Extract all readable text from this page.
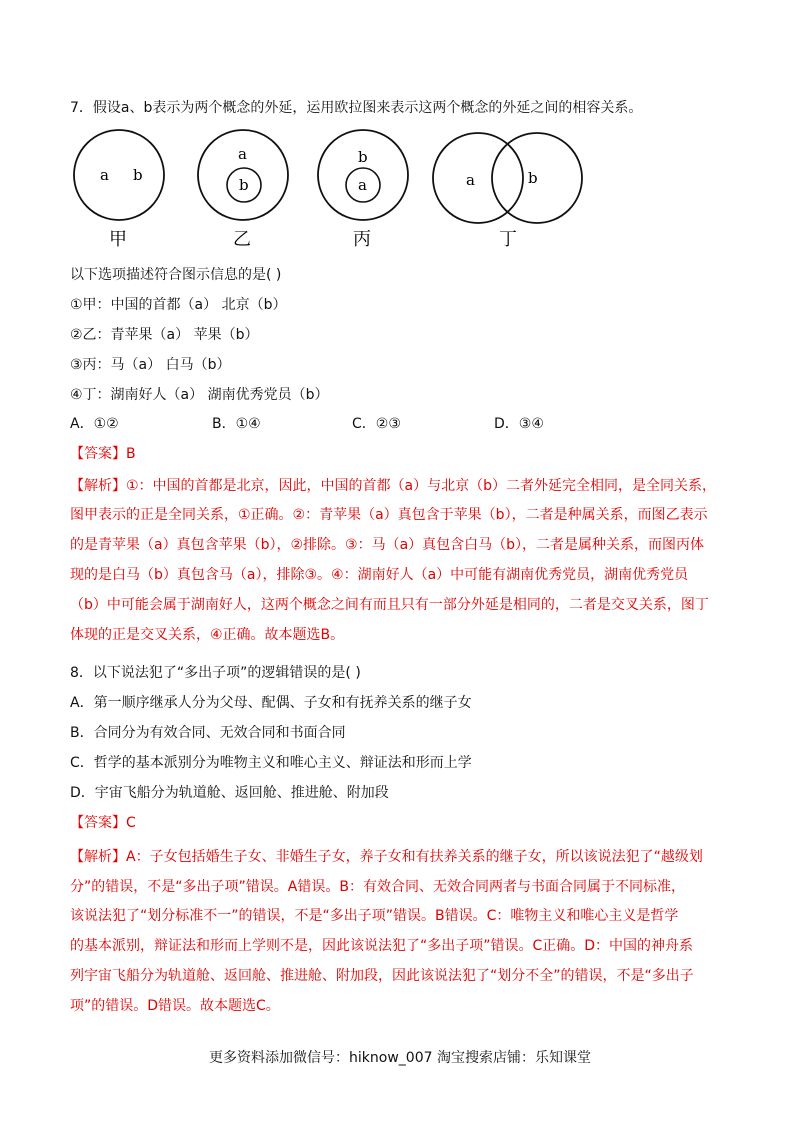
7．假设a、b表示为两个概念的外延，运用欧拉图来表示这两个概念的外延之间的相容关系。
a b
甲
a
b
乙
b
a
丙
a	b
丁
以下选项描述符合图示信息的是( )
①甲：中国的首都（a） 北京（b）
②乙：青苹果（a） 苹果（b）
③丙：马（a） 白马（b）
④丁：湖南好人（a） 湖南优秀党员（b）
A．①②	B．①④	C．②③	D．③④
【答案】B
【解析】①：中国的首都是北京，因此，中国的首都（a）与北京（b）二者外延完全相同，是全同关系，
图甲表示的正是全同关系，①正确。②：青苹果（a）真包含于苹果（b），二者是种属关系，而图乙表示
的是青苹果（a）真包含苹果（b），②排除。③：马（a）真包含白马（b），二者是属种关系，而图丙体
现的是白马（b）真包含马（a），排除③。④：湖南好人（a）中可能有湖南优秀党员，湖南优秀党员
（b）中可能会属于湖南好人，这两个概念之间有而且只有一部分外延是相同的，二者是交叉关系，图丁
体现的正是交叉关系，④正确。故本题选B。
8．以下说法犯了“多出子项”的逻辑错误的是( )
A．第一顺序继承人分为父母、配偶、子女和有抚养关系的继子女
B．合同分为有效合同、无效合同和书面合同
C．哲学的基本派别分为唯物主义和唯心主义、辩证法和形而上学
D．宇宙飞船分为轨道舱、返回舱、推进舱、附加段
【答案】C
【解析】A：子女包括婚生子女、非婚生子女，养子女和有扶养关系的继子女，所以该说法犯了“越级划
分”的错误，不是“多出子项”错误。A错误。B：有效合同、无效合同两者与书面合同属于不同标准，
该说法犯了“划分标准不一”的错误，不是“多出子项”错误。B错误。C：唯物主义和唯心主义是哲学
的基本派别，辩证法和形而上学则不是，因此该说法犯了“多出子项”错误。C正确。D：中国的神舟系
列宇宙飞船分为轨道舱、返回舱、推进舱、附加段，因此该说法犯了“划分不全”的错误，不是“多出子
项”的错误。D错误。故本题选C。
更多资料添加微信号：hiknow_007 淘宝搜索店铺：乐知课堂
